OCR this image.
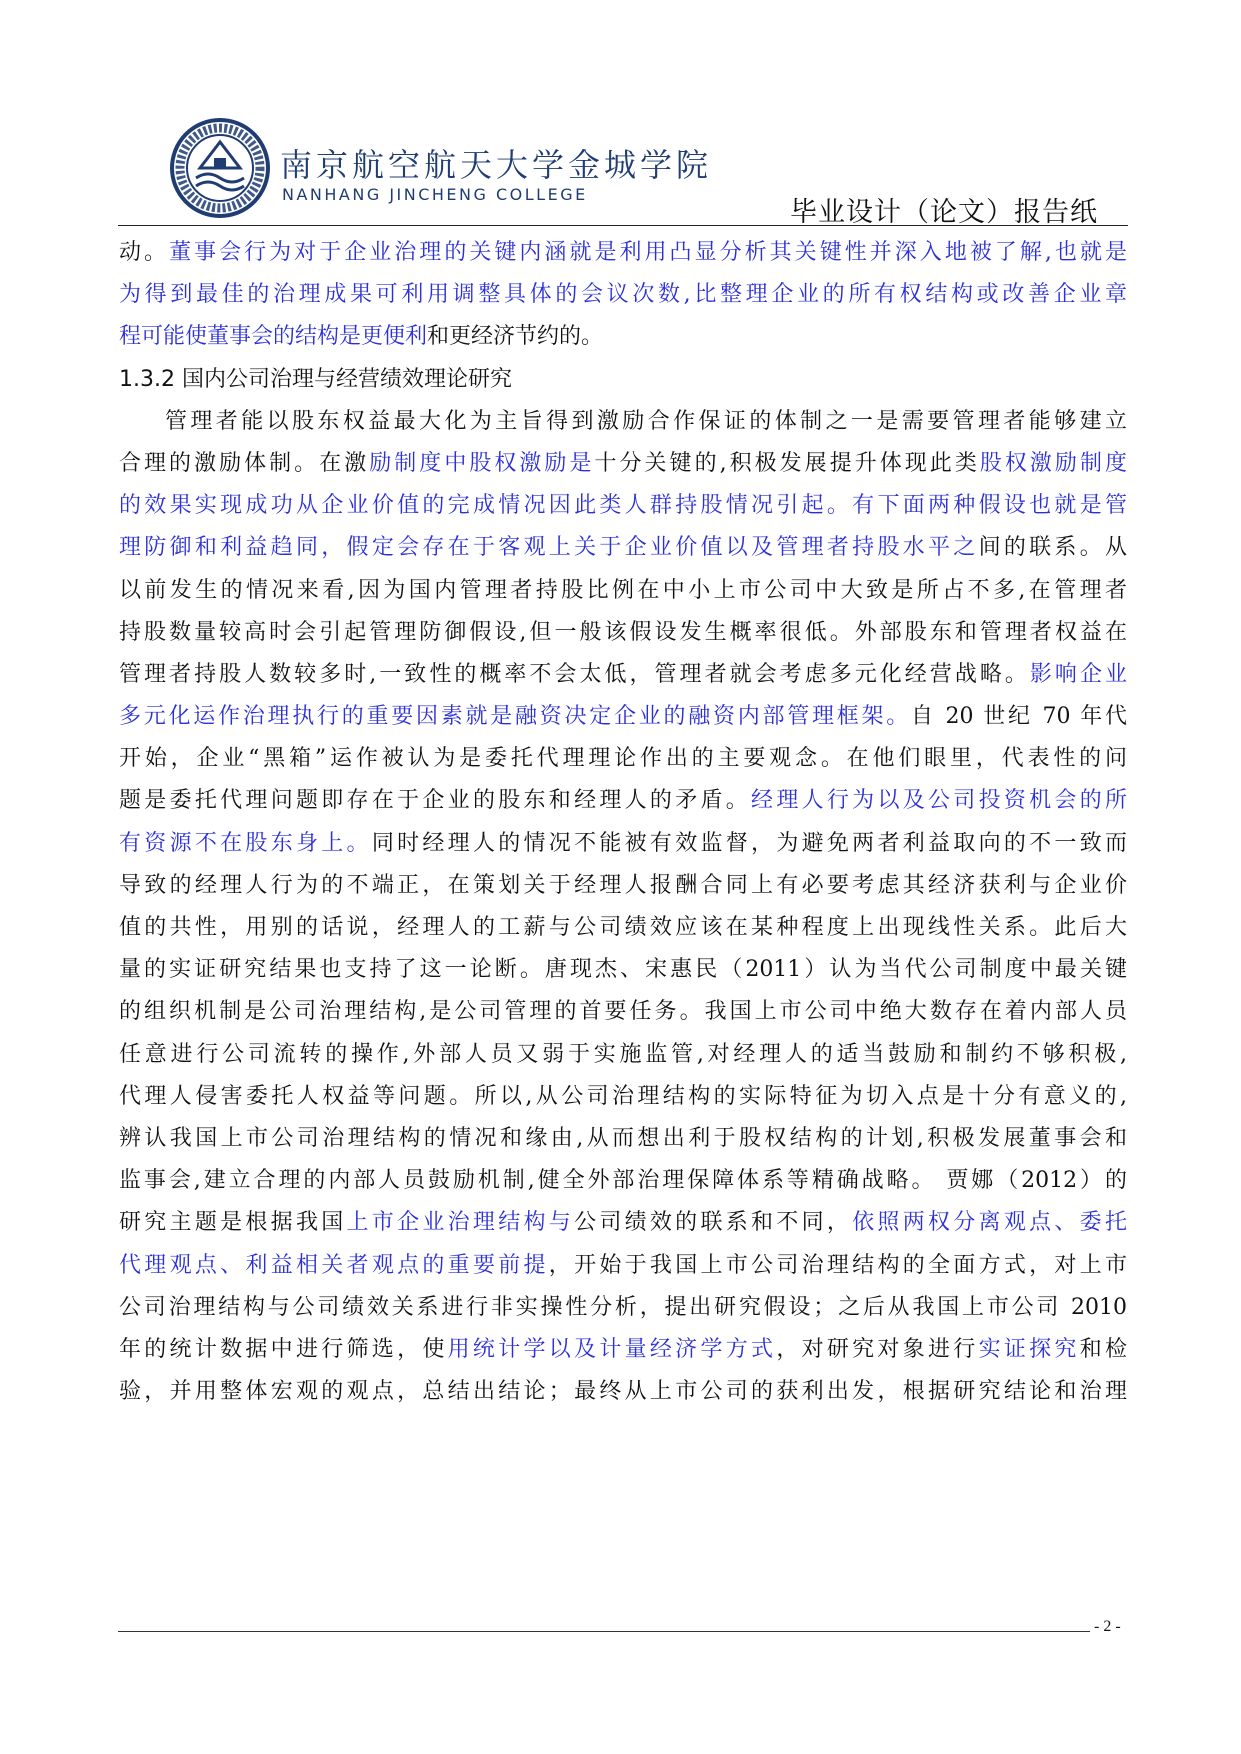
南京航空航天大学金城学院
NANHANG JINCHENG COLLEGE
毕业设计（论文）报告纸
动。董事会行为对于企业治理的关键内涵就是利用凸显分析其关键性并深入地被了解,也就是
为得到最佳的治理成果可利用调整具体的会议次数,比整理企业的所有权结构或改善企业章
程可能使董事会的结构是更便利和更经济节约的。
1.3.2 国内公司治理与经营绩效理论研究
管理者能以股东权益最大化为主旨得到激励合作保证的体制之一是需要管理者能够建立
合理的激励体制。在激励制度中股权激励是十分关键的,积极发展提升体现此类股权激励制度
的效果实现成功从企业价值的完成情况因此类人群持股情况引起。有下面两种假设也就是管
理防御和利益趋同，假定会存在于客观上关于企业价值以及管理者持股水平之间的联系。从
以前发生的情况来看,因为国内管理者持股比例在中小上市公司中大致是所占不多,在管理者
持股数量较高时会引起管理防御假设,但一般该假设发生概率很低。外部股东和管理者权益在
管理者持股人数较多时,一致性的概率不会太低，管理者就会考虑多元化经营战略。影响企业
多元化运作治理执行的重要因素就是融资决定企业的融资内部管理框架。自 20 世纪 70 年代
开始，企业“黑箱”运作被认为是委托代理理论作出的主要观念。在他们眼里，代表性的问
题是委托代理问题即存在于企业的股东和经理人的矛盾。经理人行为以及公司投资机会的所
有资源不在股东身上。同时经理人的情况不能被有效监督，为避免两者利益取向的不一致而
导致的经理人行为的不端正，在策划关于经理人报酬合同上有必要考虑其经济获利与企业价
值的共性，用别的话说，经理人的工薪与公司绩效应该在某种程度上出现线性关系。此后大
量的实证研究结果也支持了这一论断。唐现杰、宋惠民（2011）认为当代公司制度中最关键
的组织机制是公司治理结构,是公司管理的首要任务。我国上市公司中绝大数存在着内部人员
任意进行公司流转的操作,外部人员又弱于实施监管,对经理人的适当鼓励和制约不够积极,
代理人侵害委托人权益等问题。所以,从公司治理结构的实际特征为切入点是十分有意义的,
辨认我国上市公司治理结构的情况和缘由,从而想出利于股权结构的计划,积极发展董事会和
监事会,建立合理的内部人员鼓励机制,健全外部治理保障体系等精确战略。 贾娜（2012）的
研究主题是根据我国上市企业治理结构与公司绩效的联系和不同，依照两权分离观点、委托
代理观点、利益相关者观点的重要前提，开始于我国上市公司治理结构的全面方式，对上市
公司治理结构与公司绩效关系进行非实操性分析，提出研究假设；之后从我国上市公司 2010
年的统计数据中进行筛选，使用统计学以及计量经济学方式，对研究对象进行实证探究和检
验，并用整体宏观的观点，总结出结论；最终从上市公司的获利出发，根据研究结论和治理
- 2 -
